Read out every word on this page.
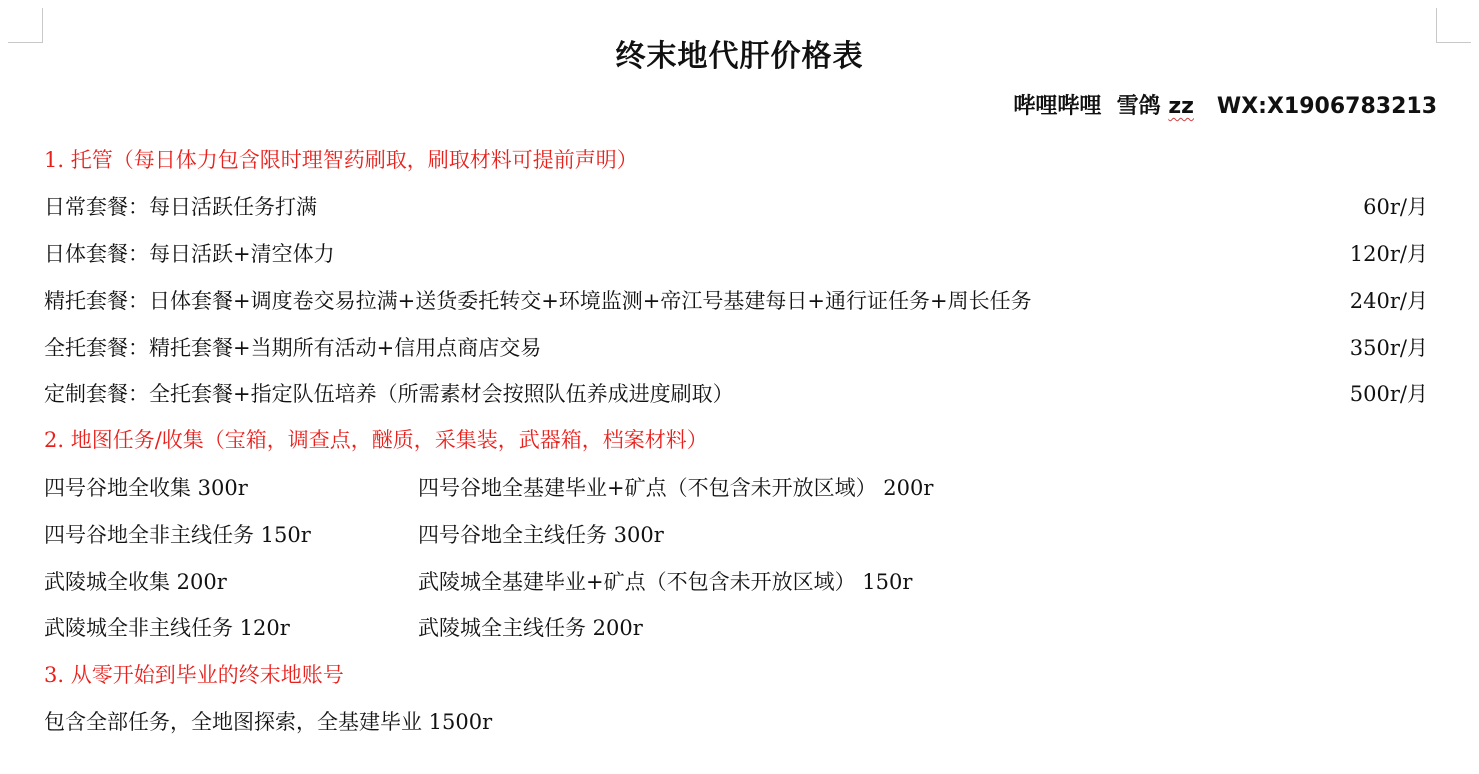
终末地代肝价格表
哔哩哔哩  雪鸽 zz   WX:X1906783213
1. 托管（每日体力包含限时理智药刷取，刷取材料可提前声明）
日常套餐：每日活跃任务打满	60r/月
日体套餐：每日活跃+清空体力	120r/月
精托套餐：日体套餐+调度卷交易拉满+送货委托转交+环境监测+帝江号基建每日+通行证任务+周长任务	240r/月
全托套餐：精托套餐+当期所有活动+信用点商店交易	350r/月
定制套餐：全托套餐+指定队伍培养（所需素材会按照队伍养成进度刷取）	500r/月
2. 地图任务/收集（宝箱，调查点，醚质，采集装，武器箱，档案材料）
四号谷地全收集 300r	四号谷地全基建毕业+矿点（不包含未开放区域） 200r
四号谷地全非主线任务 150r	四号谷地全主线任务 300r
武陵城全收集 200r	武陵城全基建毕业+矿点（不包含未开放区域） 150r
武陵城全非主线任务 120r	武陵城全主线任务 200r
3. 从零开始到毕业的终末地账号
包含全部任务，全地图探索，全基建毕业 1500r
